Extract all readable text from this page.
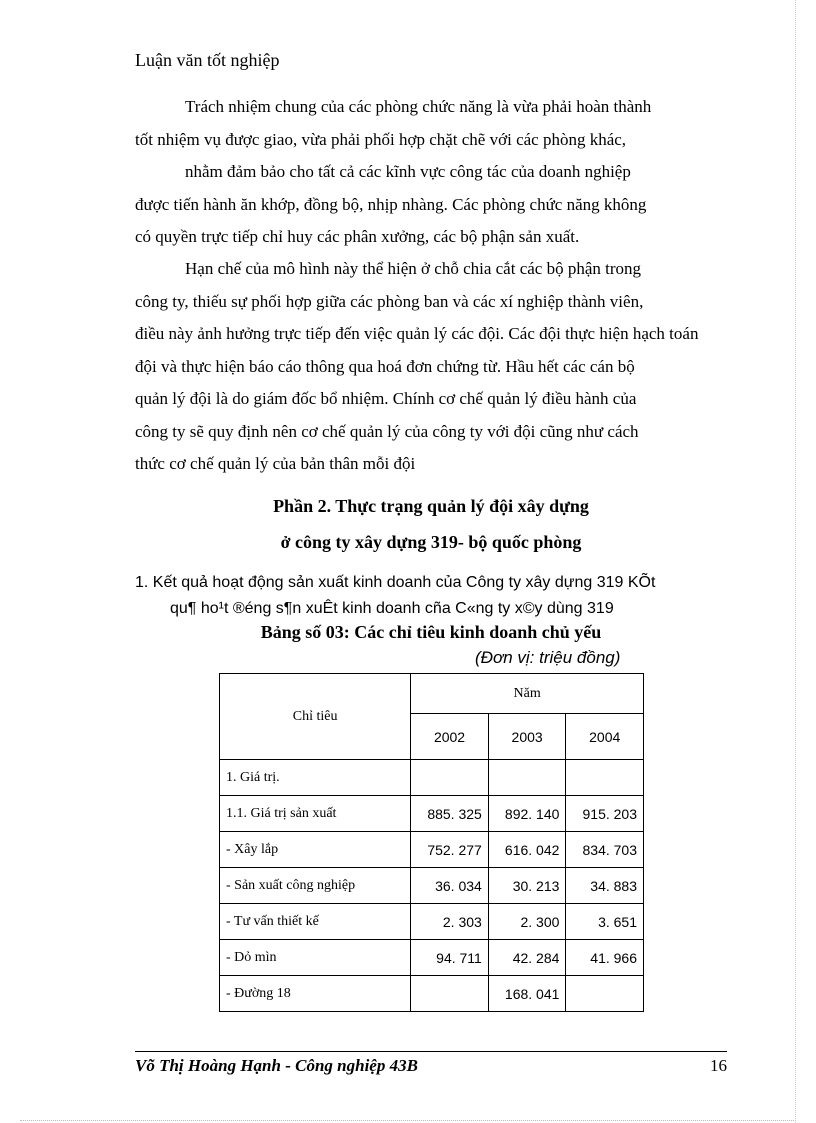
Luận văn tốt nghiệp

Trách nhiệm chung của các phòng chức năng là vừa phải hoàn thành

tốt nhiệm vụ được giao, vừa phải phối hợp chặt chẽ với các phòng khác,

nhằm đảm bảo cho tất cả các kĩnh vực công tác của doanh nghiệp

được tiến hành ăn khớp, đồng bộ, nhịp nhàng. Các phòng chức năng không

có quyền trực tiếp chỉ huy các phân xưởng, các bộ phận sản xuất.

Hạn chế của mô hình này thể hiện ở chỗ chia cắt các bộ phận trong

công ty, thiếu sự phối hợp giữa các phòng ban và các xí nghiệp thành viên,

điều này ảnh hưởng trực tiếp đến việc quản lý các đội. Các đội thực hiện hạch toán

đội và thực hiện báo cáo thông qua hoá đơn chứng từ. Hầu hết các cán bộ

quản lý đội là do giám đốc bổ nhiệm. Chính cơ chế quản lý điều hành của

công ty sẽ quy định nên cơ chế quản lý của công ty với đội cũng như cách

thức cơ chế quản lý của bản thân mỗi đội

Phần 2. Thực trạng quản lý đội xây dựng
ở công ty xây dựng 319- bộ quốc phòng
1. Kết quả hoạt động sản xuất kinh doanh của Công ty xây dựng 319 KÕt
qu¶ ho¹t ®éng s¶n xuÊt kinh doanh cña C«ng ty x©y dùng 319
Bảng số 03: Các chỉ tiêu kinh doanh chủ yếu
(Đơn vị: triệu đồng)
Chỉ tiêu	Năm		
	2002	2003	2004
1. Giá trị.			
1.1. Giá trị sản xuất	885. 325	892. 140	915. 203
- Xây lắp	752. 277	616. 042	834. 703
- Sản xuất công nghiệp	36. 034	30. 213	34. 883
- Tư vấn thiết kế	2. 303	2. 300	3. 651
- Dỏ mìn	94. 711	42. 284	41. 966
- Đường 18		168. 041	
Võ Thị Hoàng Hạnh - Công nghiệp 43B	16
